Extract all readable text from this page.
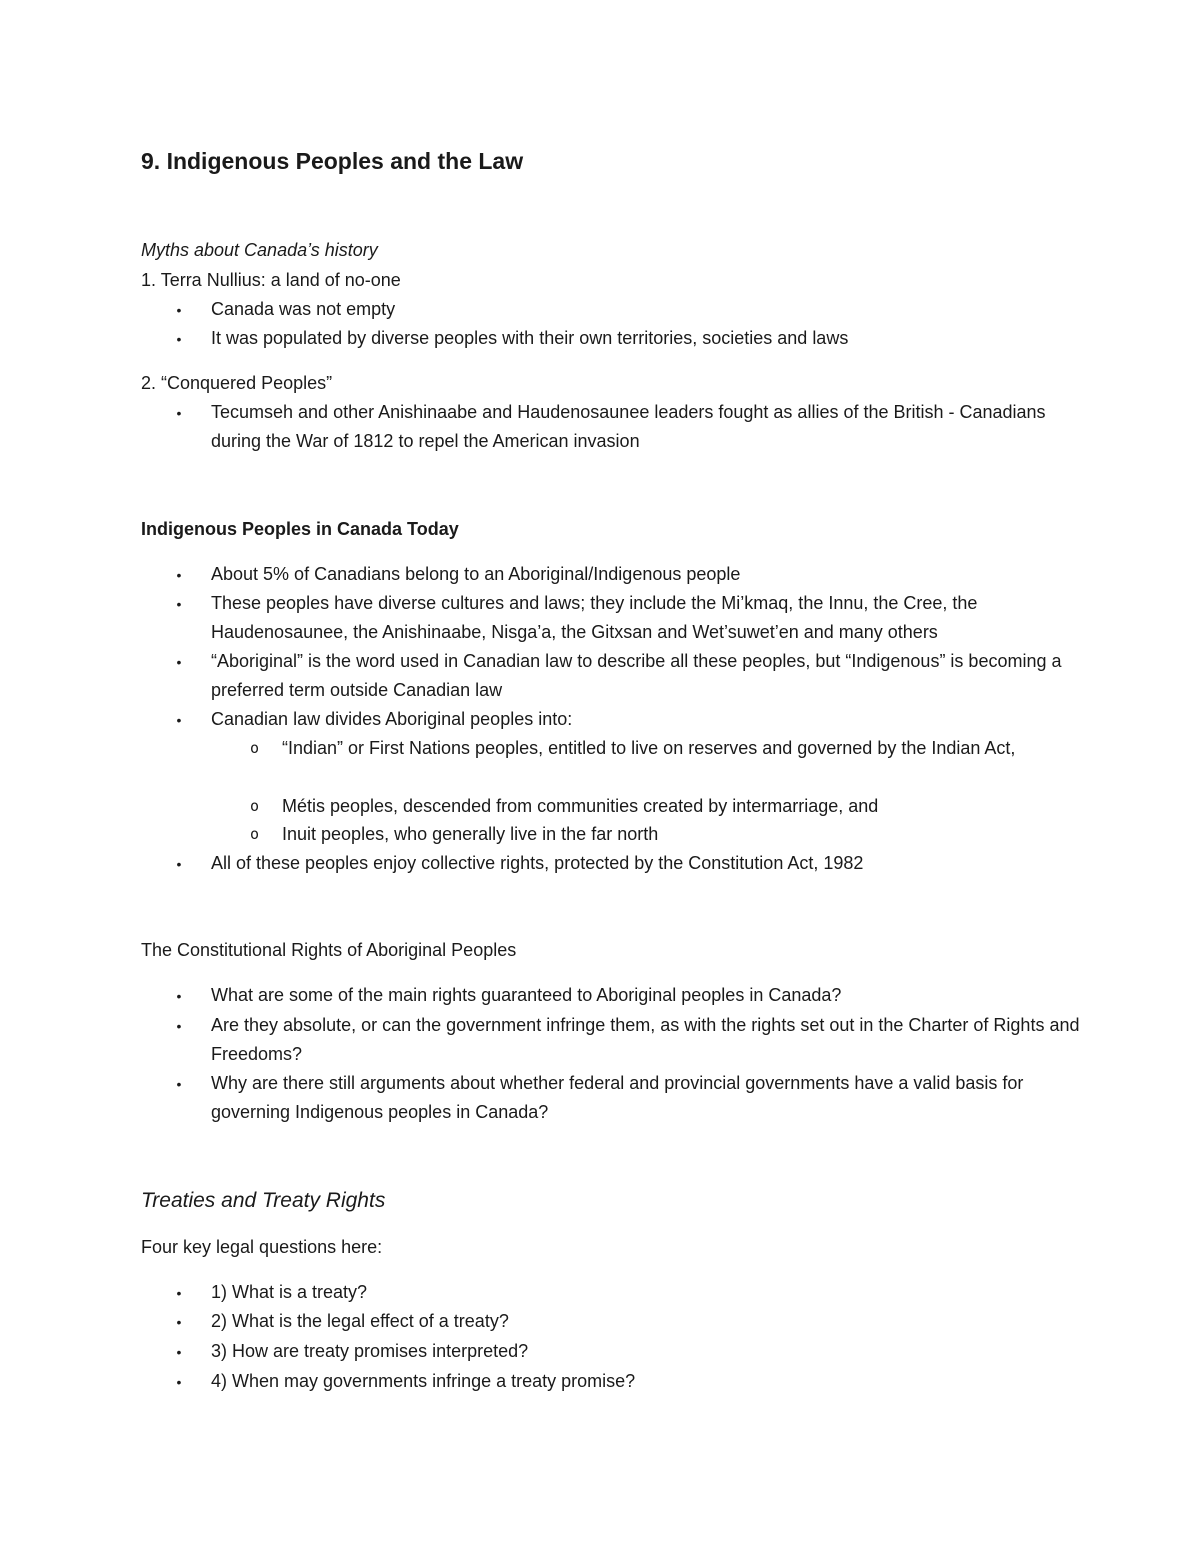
9. Indigenous Peoples and the Law
Myths about Canada’s history
1. Terra Nullius: a land of no-one
• Canada was not empty
• It was populated by diverse peoples with their own territories, societies and laws
2. “Conquered Peoples”
• Tecumseh and other Anishinaabe and Haudenosaunee leaders fought as allies of the British - Canadians during the War of 1812 to repel the American invasion
Indigenous Peoples in Canada Today
• About 5% of Canadians belong to an Aboriginal/Indigenous people
• These peoples have diverse cultures and laws; they include the Mi’kmaq, the Innu, the Cree, the Haudenosaunee, the Anishinaabe, Nisga’a, the Gitxsan and Wet’suwet’en and many others
• “Aboriginal” is the word used in Canadian law to describe all these peoples, but “Indigenous” is becoming a preferred term outside Canadian law
• Canadian law divides Aboriginal peoples into:
o “Indian” or First Nations peoples, entitled to live on reserves and governed by the Indian Act,
o Métis peoples, descended from communities created by intermarriage, and
o Inuit peoples, who generally live in the far north
• All of these peoples enjoy collective rights, protected by the Constitution Act, 1982
The Constitutional Rights of Aboriginal Peoples
• What are some of the main rights guaranteed to Aboriginal peoples in Canada?
• Are they absolute, or can the government infringe them, as with the rights set out in the Charter of Rights and Freedoms?
• Why are there still arguments about whether federal and provincial governments have a valid basis for governing Indigenous peoples in Canada?
Treaties and Treaty Rights
Four key legal questions here:
• 1) What is a treaty?
• 2) What is the legal effect of a treaty?
• 3) How are treaty promises interpreted?
• 4) When may governments infringe a treaty promise?
